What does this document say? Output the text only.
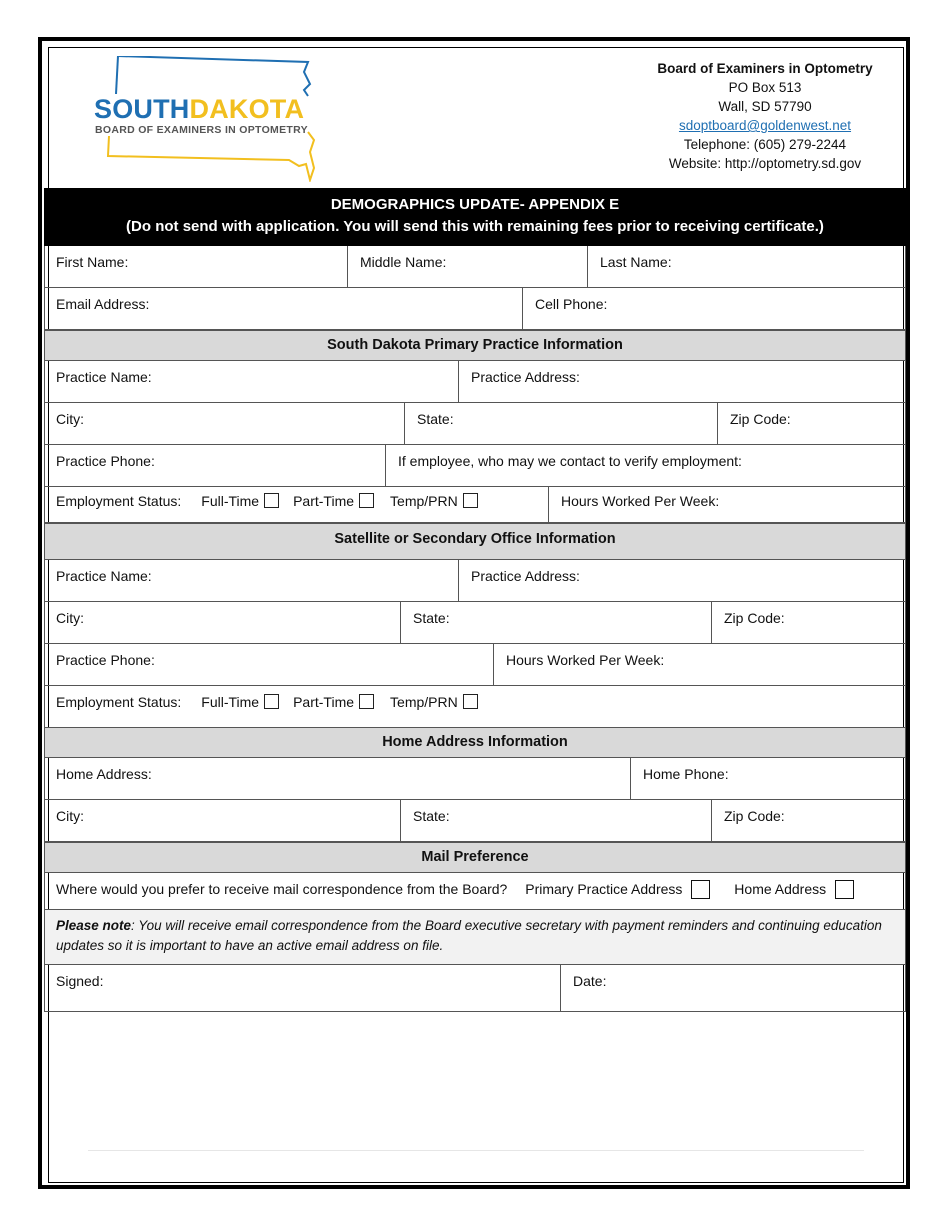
SOUTHDAKOTA
BOARD OF EXAMINERS IN OPTOMETRY
Board of Examiners in Optometry
PO Box 513
Wall, SD 57790
sdoptboard@goldenwest.net
Telephone: (605) 279-2244
Website: http://optometry.sd.gov
DEMOGRAPHICS UPDATE- APPENDIX E
(Do not send with application. You will send this with remaining fees prior to receiving certificate.)
First Name:	Middle Name:	Last Name:
Email Address:	Cell Phone:
South Dakota Primary Practice Information
Practice Name:	Practice Address:
City:	State:	Zip Code:
Practice Phone:	If employee, who may we contact to verify employment:
Employment Status: Full-Time Part-Time	Temp/PRN	Hours Worked Per Week:
Satellite or Secondary Office Information
Practice Name:	Practice Address:
City:	State:	Zip Code:
Practice Phone:	Hours Worked Per Week:
Employment Status: Full-Time Part-Time	Temp/PRN
Home Address Information
Home Address:	Home Phone:
City:	State:	Zip Code:
Mail Preference
Where would you prefer to receive mail correspondence from the Board? Primary Practice Address	Home Address
Please note: You will receive email correspondence from the Board executive secretary with payment reminders and continuing education updates so it is important to have an active email address on file.
Signed:	Date:
